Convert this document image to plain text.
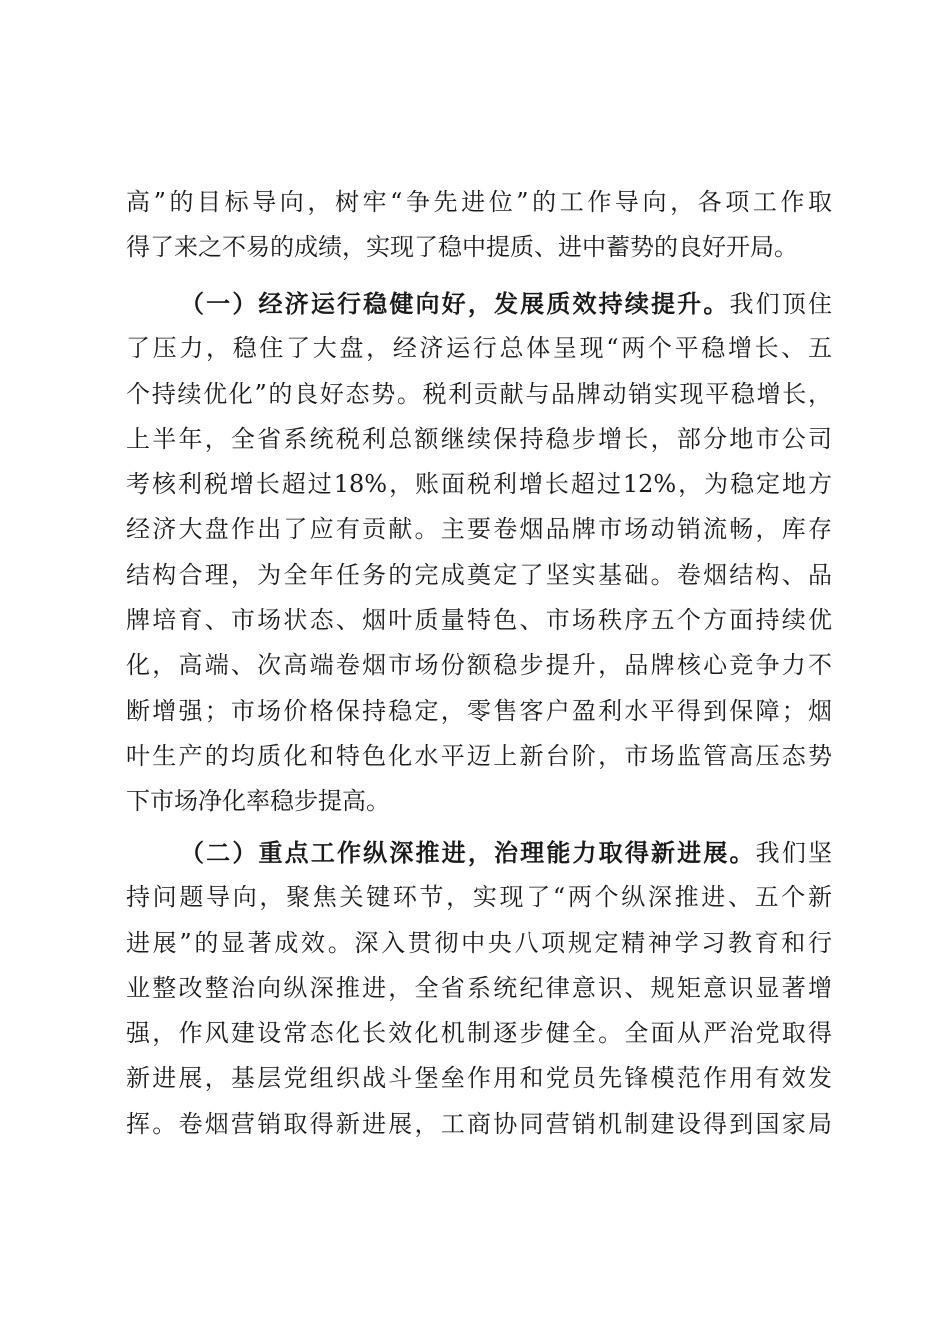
高”的目标导向，树牢“争先进位”的工作导向，各项工作取
得了来之不易的成绩，实现了稳中提质、进中蓄势的良好开局。
（一）经济运行稳健向好，发展质效持续提升。我们顶住
了压力，稳住了大盘，经济运行总体呈现“两个平稳增长、五
个持续优化”的良好态势。税利贡献与品牌动销实现平稳增长，
上半年，全省系统税利总额继续保持稳步增长，部分地市公司
考核利税增长超过18%，账面税利增长超过12%，为稳定地方
经济大盘作出了应有贡献。主要卷烟品牌市场动销流畅，库存
结构合理，为全年任务的完成奠定了坚实基础。卷烟结构、品
牌培育、市场状态、烟叶质量特色、市场秩序五个方面持续优
化，高端、次高端卷烟市场份额稳步提升，品牌核心竞争力不
断增强；市场价格保持稳定，零售客户盈利水平得到保障；烟
叶生产的均质化和特色化水平迈上新台阶，市场监管高压态势
下市场净化率稳步提高。
（二）重点工作纵深推进，治理能力取得新进展。我们坚
持问题导向，聚焦关键环节，实现了“两个纵深推进、五个新
进展”的显著成效。深入贯彻中央八项规定精神学习教育和行
业整改整治向纵深推进，全省系统纪律意识、规矩意识显著增
强，作风建设常态化长效化机制逐步健全。全面从严治党取得
新进展，基层党组织战斗堡垒作用和党员先锋模范作用有效发
挥。卷烟营销取得新进展，工商协同营销机制建设得到国家局
